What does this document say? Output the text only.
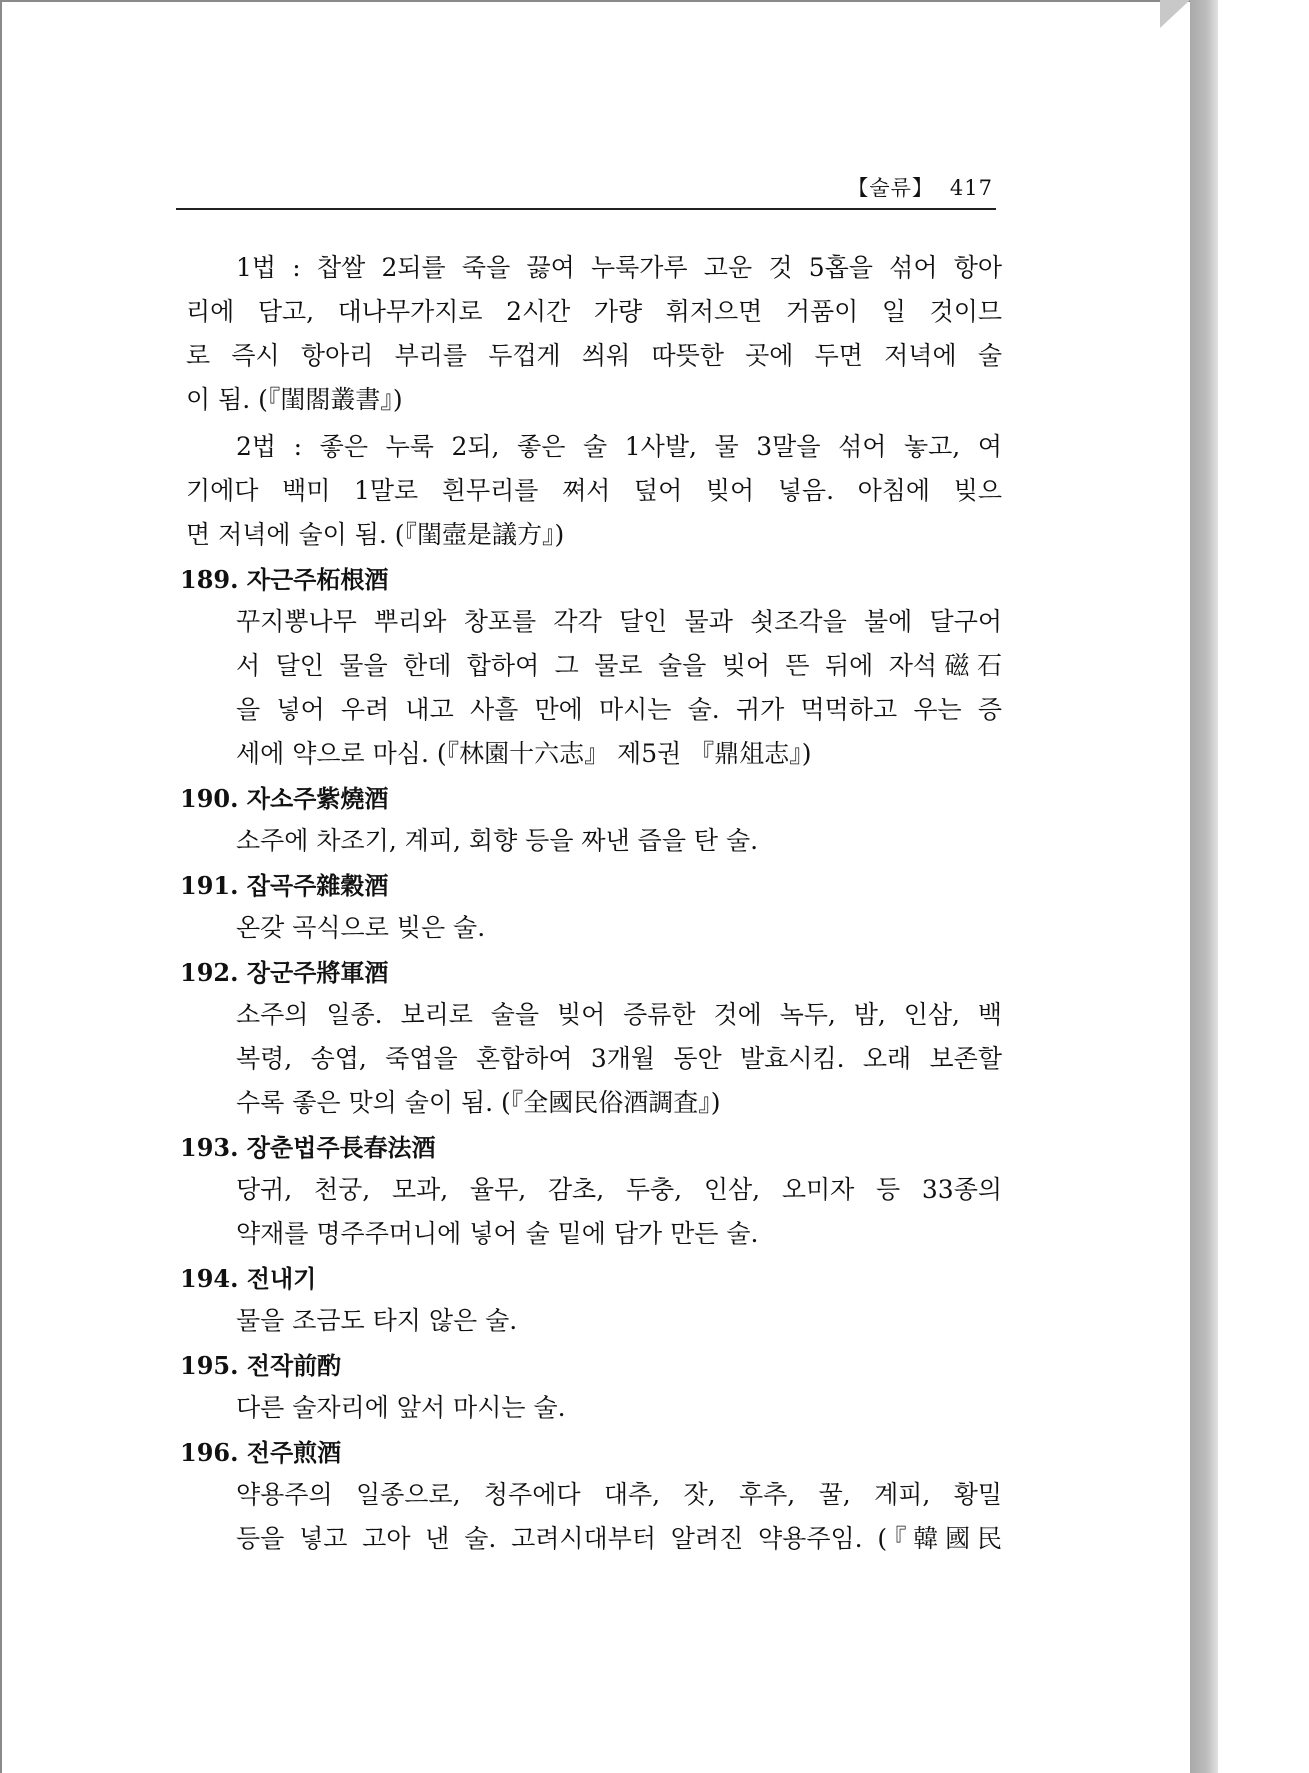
【술류】 417
1법 : 찹쌀 2되를 죽을 끓여 누룩가루 고운 것 5홉을 섞어 항아
리에 담고, 대나무가지로 2시간 가량 휘저으면 거품이 일 것이므
로 즉시 항아리 부리를 두껍게 씌워 따뜻한 곳에 두면 저녁에 술
이 됨. (『閨閤叢書』)
2법 : 좋은 누룩 2되, 좋은 술 1사발, 물 3말을 섞어 놓고, 여
기에다 백미 1말로 흰무리를 쪄서 덮어 빚어 넣음. 아침에 빚으
면 저녁에 술이 됨. (『閨壼是議方』)
189. 자근주柘根酒
꾸지뽕나무 뿌리와 창포를 각각 달인 물과 쇳조각을 불에 달구어
서 달인 물을 한데 합하여 그 물로 술을 빚어 뜬 뒤에 자석磁石
을 넣어 우려 내고 사흘 만에 마시는 술. 귀가 먹먹하고 우는 증
세에 약으로 마심. (『林園十六志』 제5권 『鼎俎志』)
190. 자소주紫燒酒
소주에 차조기, 계피, 회향 등을 짜낸 즙을 탄 술.
191. 잡곡주雜穀酒
온갖 곡식으로 빚은 술.
192. 장군주將軍酒
소주의 일종. 보리로 술을 빚어 증류한 것에 녹두, 밤, 인삼, 백
복령, 송엽, 죽엽을 혼합하여 3개월 동안 발효시킴. 오래 보존할
수록 좋은 맛의 술이 됨. (『全國民俗酒調査』)
193. 장춘법주長春法酒
당귀, 천궁, 모과, 율무, 감초, 두충, 인삼, 오미자 등 33종의
약재를 명주주머니에 넣어 술 밑에 담가 만든 술.
194. 전내기
물을 조금도 타지 않은 술.
195. 전작前酌
다른 술자리에 앞서 마시는 술.
196. 전주煎酒
약용주의 일종으로, 청주에다 대추, 잣, 후추, 꿀, 계피, 황밀
등을 넣고 고아 낸 술. 고려시대부터 알려진 약용주임. (『韓國民
